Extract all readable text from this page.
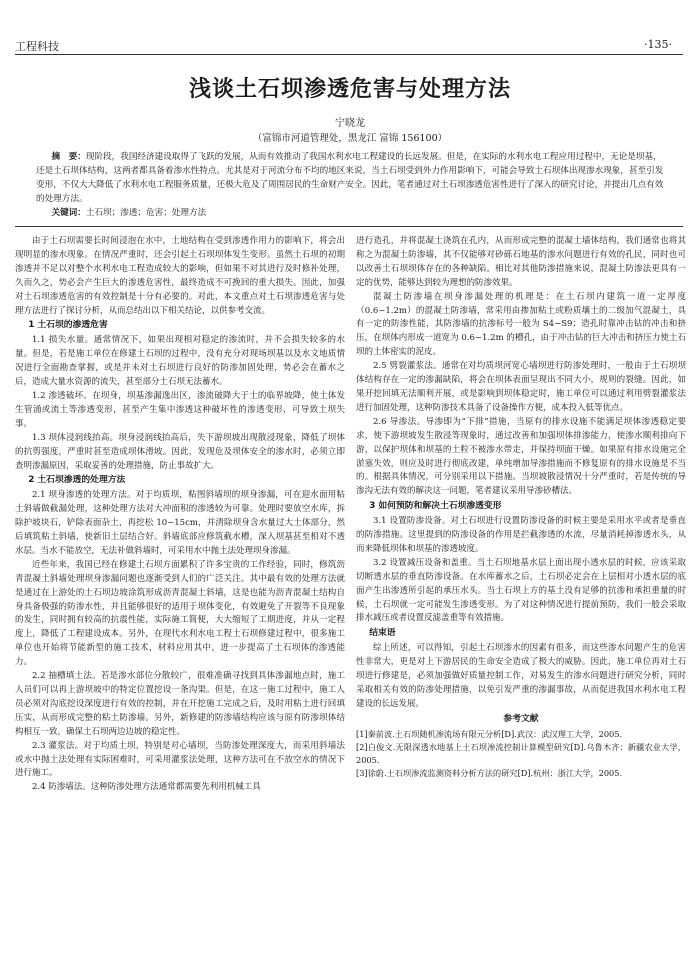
工程科技	·135·
浅谈土石坝渗透危害与处理方法
宁晓龙
（富锦市河道管理处，黑龙江 富锦 156100）

摘　要：现阶段，我国经济建设取得了飞跃的发展，从而有效推动了我国水利水电工程建设的长远发展。但是，在实际的水利水电工程应用过程中，无论是坝基，还是土石坝体结构，这两者都具备着渗水性特点。尤其是对于河流分布不均的地区来说，当土石坝受到外力作用影响下，可能会导致土石坝体出现渗水现象，甚至引发变形，不仅大大降低了水利水电工程服务质量，还极大危及了周围居民的生命财产安全。因此，笔者通过对土石坝渗透危害性进行了深入的研究讨论，并提出几点有效的处理方法。

关键词：土石坝；渗透；危害；处理方法

由于土石坝需要长时间浸泡在水中，土地结构在受到渗透作用力的影响下，将会出现明显的渗水现象。在情况严重时，还会引起土石坝坝体发生变形。虽然土石坝的初期渗透并不足以对整个水利水电工程造成较大的影响，但如果不对其进行及时修补处理，久而久之，势必会产生巨大的渗透危害性，最终造成不可挽回的重大损失。因此，加强对土石坝渗透危害的有效控制是十分有必要的。对此，本文重点对土石坝渗透危害与处理方法进行了探讨分析，从而总结出以下相关结论，以供参考交流。

1 土石坝的渗透危害

1.1 损失水量。通常情况下，如果出现相对稳定的渗流时，并不会损失较多的水量。但是，若是施工单位在修建土石坝的过程中，没有充分对现场坝基以及水文地质情况进行全面勘查掌握，或是并未对土石坝进行良好的防渗加固处理，势必会在蓄水之后，造成大量水资源的流失，甚至部分土石坝无法蓄水。

1.2 渗透破坏。在坝身，坝基渗漏逸出区，渗流破降大于土的临界坡降，使土体发生管涌或流土等渗透变形，甚至产生集中渗透这种破坏性的渗透变形，可导致土坝失事。

1.3 坝体浸润线抬高。坝身浸润线抬高后，失下游坝坡出现散浸现象，降低了坝体的抗剪强度，严重时甚至造成坝体滑坡。因此，发现危及坝体安全的渗水时，必须立即查明渗漏原因，采取妥善的处理措施，防止事故扩大。

2 土石坝渗透的处理方法

2.1 坝身渗透的处理方法。对于均质坝，粘图斜墙坝的坝身渗漏，可在迎水面用粘土斜墙做截漏处理，这种处理方法对大冲面积的渗透较为可靠。处理时要放空水库，拆除护坡块石，铲除表面杂土，再挖松 10~15cm，并清除坝身含水量过大土体部分，然后填筑粘土斜墙，使新旧土层结合好。斜墙底部应修筑截水槽，深入坝基甚至相对不透水层。当水不能放空，无法补做斜墙时，可采用水中抛土法处理坝身渗漏。

近些年来，我国已经在修建土石坝方面累积了许多宝贵的工作经验，同时，修筑沥青混凝土斜墙处理坝身渗漏问题也逐渐受到人们的广泛关注。其中最有效的处理方法就是通过在上游处的土石坝边坡涂筑形成沥青混凝土斜墙，这是也能为沥青混凝土结构自身具备极强的防渗水性，并且能够很好的适用于坝体变化，有效避免了开裂等不良现象的发生，同时拥有较高的抗震性能，实际施工简便，大大缩短了工期进度，并从一定程度上，降低了工程建设成本。另外，在现代水利水电工程土石坝修建过程中，很多施工单位也开始将节能新型的施工技术，材料应用其中，进一步提高了土石坝体的渗透能力。

2.2 抽槽填土法。若是渗水部位分散较广，很难准确寻找到具体渗漏地点时，施工人员们可以再上游坝坡中的特定位置挖设一条沟渠。但是，在这一施工过程中，施工人员必须对沟底挖设深度进行有效的控制，并在开挖施工完成之后，及时用粘土进行回填压实，从而形成完整的粘土防渗墙。另外，新修建的防渗墙结构应该与原有防渗坝体结构相互一致，确保土石坝两边边坡的稳定性。

2.3 灌浆法。对于均质土坝，特别是对心墙坝，当防渗处理深度大，而采用斜墙法或水中抛土法处理有实际困难时，可采用灌浆法处理，这种方法可在不放空水的情况下进行施工。

2.4 防渗墙法。这种防渗处理方法通常都需要先利用机械工具

进行造孔，并将混凝土浇筑在孔内，从而形成完整的混凝土墙体结构，我们通常也将其称之为混凝土防渗墙，其不仅能够对砂砾石地基的渗水问题进行有效的孔民，同时也可以改善土石坝坝体存在的各种缺陷。相比对其他防渗措施来说，混凝土防渗法更具有一定的优势，能够达到较为理想的防渗效果。

混凝土防渗墙在坝身渗漏处理的机理是：在土石坝内建筑一道一定厚度（0.6~1.2m）的混凝土防渗墙，常采用由掺加粘土或粉质壤土的二级加气混凝土，具有一定的防渗性能，其防渗墙的抗渗标号一般为 S4~S9；造孔时靠冲击钻的冲击和挤压，在坝体内形成一道宽为 0.6~1.2m 的槽孔，由于冲击钻的巨大冲击和挤压力使土石坝的土体密实的泥皮。

2.5 劈裂灌浆法。通常在对均质坝河宽心墙坝进行防渗处理时，一般由于土石坝坝体结构存在一定的渗漏缺陷，将会在坝体表面呈现出不同大小，规则的裂缝。因此，如果开挖回填无法顺利开展，或是影响到坝体稳定时，施工单位可以通过利用劈裂灌浆法进行加固处理，这种防渗技术具备了设备操作方便，成本投入低等优点。

2.6 导渗法。导渗即为“下排”措施，当原有的排水设施不能满足坝体渗透稳定要求，使下游坝坡发生散浸等现象时，通过改善和加强坝体排渗能力，使渗水顺利排向下游，以保护坝体和坝基的土粒不被渗水带走，并保持坝面干燥。如果原有排水设施完全淤塞失效，则应及时进行彻底改建，单纯增加导渗措施而不修复原有的排水设施是不当的。根据具体情况，可分别采用以下措施。当坝坡散浸情况十分严重时，若是传统的导渗沟无法有效的解决这一问题，笔者建议采用导渗砂槽法。

3 如何预防和解决土石坝渗透变形

3.1 设置防渗设备。对土石坝进行设置防渗设备的时候主要是采用水平或者是垂直的防渗措施。这里提到的防渗设备的作用是拦截渗透的水流，尽量消耗掉渗透水头，从而来降低坝体和坝基的渗透坡度。

3.2 设置减压设备和盖重。当土石坝地基水层上面出现小透水层的时候，应该采取切断透水层的垂直防渗设备。在水库蓄水之后，土石坝必定会在上层相对小透水层的底面产生出渗透所引起的承压水头。当土石坝上方的基土没有足够的抗渗和承担重量的时候，土石坝就一定可能发生渗透变形。为了对这种情况进行提前预防，我们一般会采取排水减压或者设置反滤盖重等有效措施。

结束语

综上所述，可以得知，引起土石坝渗水的因素有很多，而这些渗水问题产生的危害性非常大，更是对上下游居民的生命安全造成了极大的威胁。因此，施工单位再对土石坝进行修建是，必须加强做好质量控制工作，对易发生的渗水问题进行研究分析，同时采取相关有效的防渗处理措施，以免引发严重的渗漏事故，从而促进我国水利水电工程建设的长远发展。

参考文献

[1]秦前波.土石坝随机渗流场有限元分析[D].武汉：武汉理工大学，2005.

[2]白俊文.无限深透水地基上土石坝渗流控制计算模型研究[D].乌鲁木齐：新疆农业大学，2005.

[3]徐蔚.土石坝渗流监测资料分析方法的研究[D].杭州：浙江大学，2005.
